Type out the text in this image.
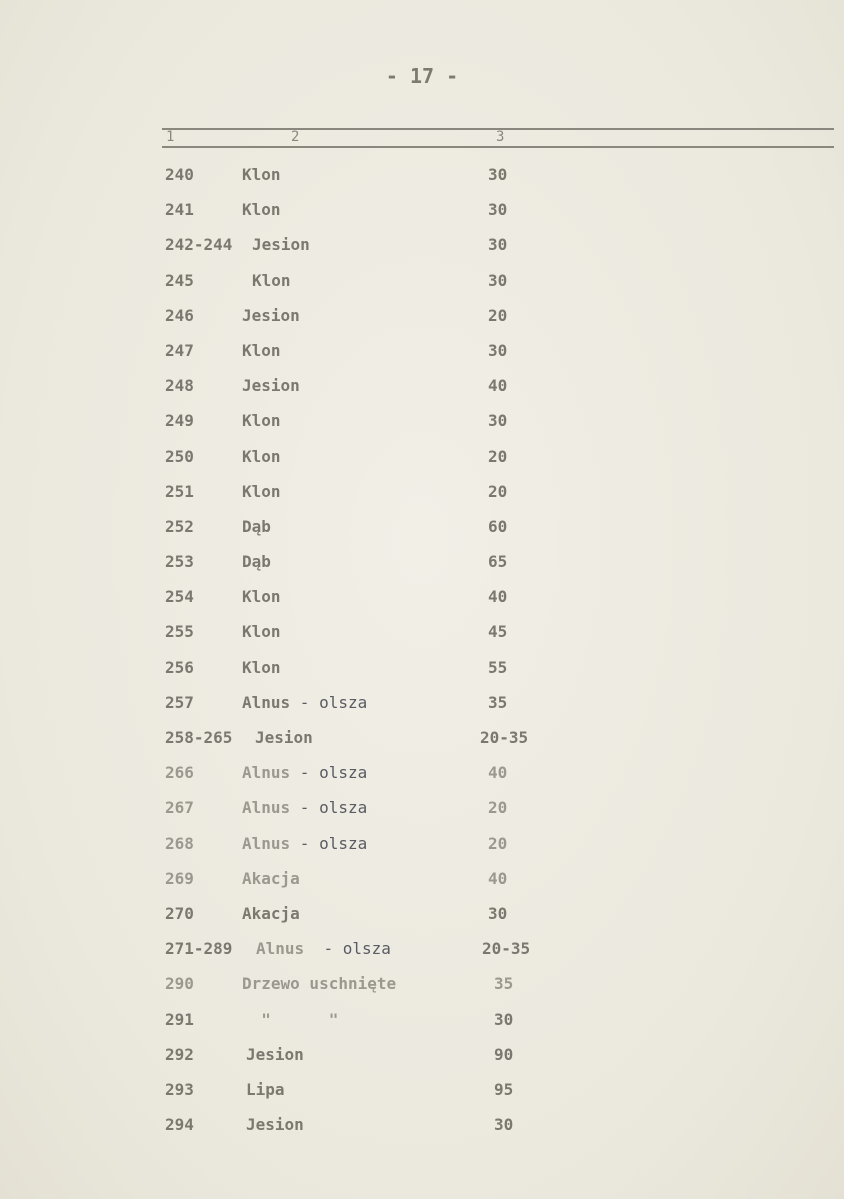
- 17 -
1	2	3
240	Klon	30
241	Klon	30
242-244 Jesion	30
245	Klon	30
246	Jesion	20
247	Klon	30
248	Jesion	40
249	Klon	30
250	Klon	20
251	Klon	20
252	Dąb	60
253	Dąb	65
254	Klon	40
255	Klon	45
256	Klon	55
257	Alnus - olsza	35
258-265 Jesion	20-35
266	Alnus - olsza	40
267	Alnus - olsza	20
268	Alnus - olsza	20
269	Akacja	40
270	Akacja	30
271-289 Alnus  - olsza	20-35
290	Drzewo uschnięte	35
291	"      "	30
292	Jesion	90
293	Lipa	95
294	Jesion	30
